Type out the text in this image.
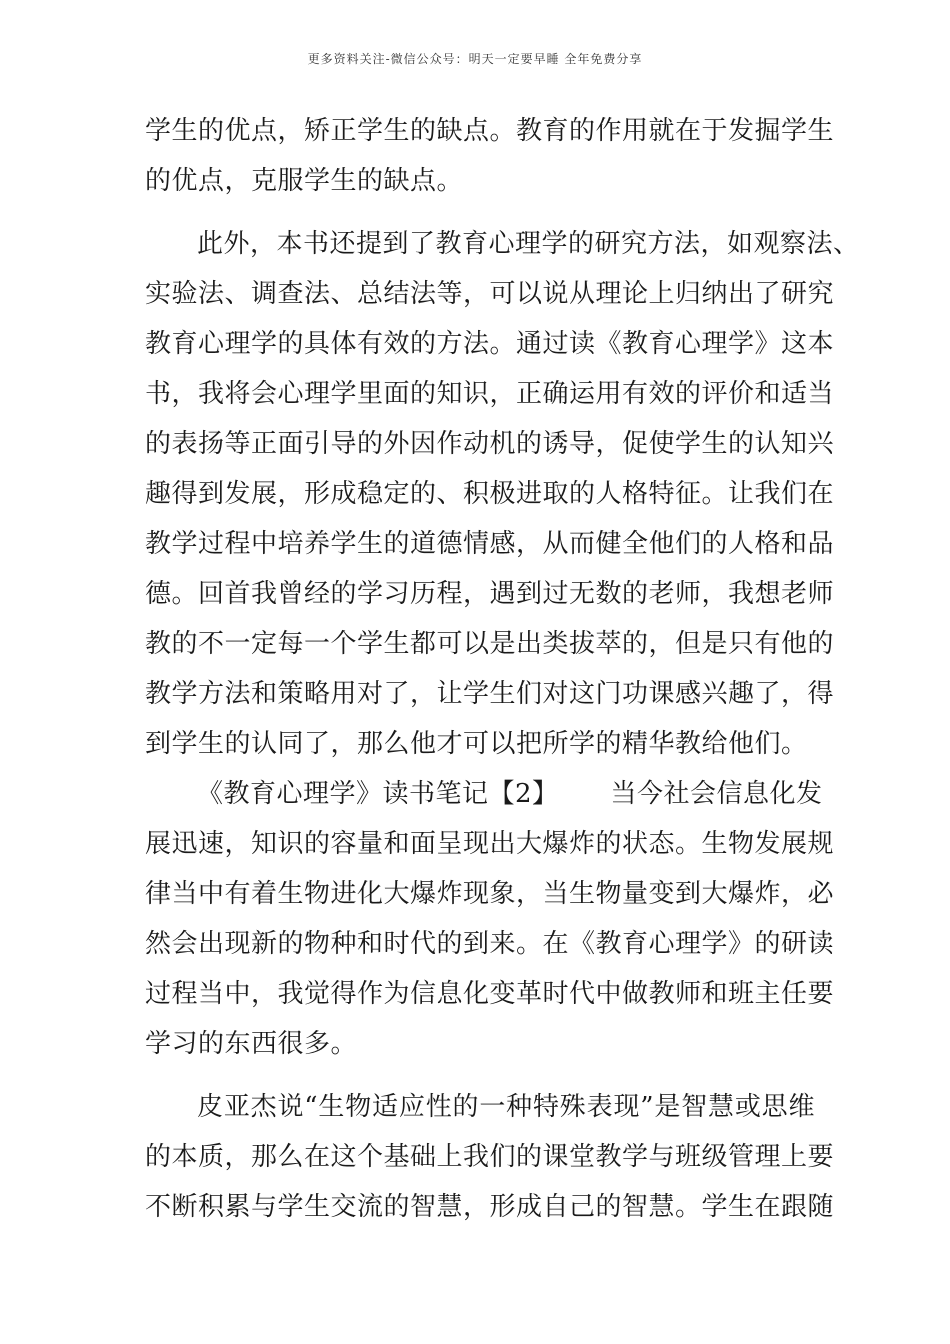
更多资料关注-微信公众号：明天一定要早睡 全年免费分享
学生的优点，矫正学生的缺点。教育的作用就在于发掘学生
的优点，克服学生的缺点。
此外，本书还提到了教育心理学的研究方法，如观察法、
实验法、调查法、总结法等，可以说从理论上归纳出了研究
教育心理学的具体有效的方法。通过读《教育心理学》这本
书，我将会心理学里面的知识，正确运用有效的评价和适当
的表扬等正面引导的外因作动机的诱导，促使学生的认知兴
趣得到发展，形成稳定的、积极进取的人格特征。让我们在
教学过程中培养学生的道德情感，从而健全他们的人格和品
德。回首我曾经的学习历程，遇到过无数的老师，我想老师
教的不一定每一个学生都可以是出类拔萃的，但是只有他的
教学方法和策略用对了，让学生们对这门功课感兴趣了，得
到学生的认同了，那么他才可以把所学的精华教给他们。
《教育心理学》读书笔记【2】 当今社会信息化发
展迅速，知识的容量和面呈现出大爆炸的状态。生物发展规
律当中有着生物进化大爆炸现象，当生物量变到大爆炸，必
然会出现新的物种和时代的到来。在《教育心理学》的研读
过程当中，我觉得作为信息化变革时代中做教师和班主任要
学习的东西很多。
皮亚杰说“生物适应性的一种特殊表现”是智慧或思维
的本质，那么在这个基础上我们的课堂教学与班级管理上要
不断积累与学生交流的智慧，形成自己的智慧。学生在跟随
